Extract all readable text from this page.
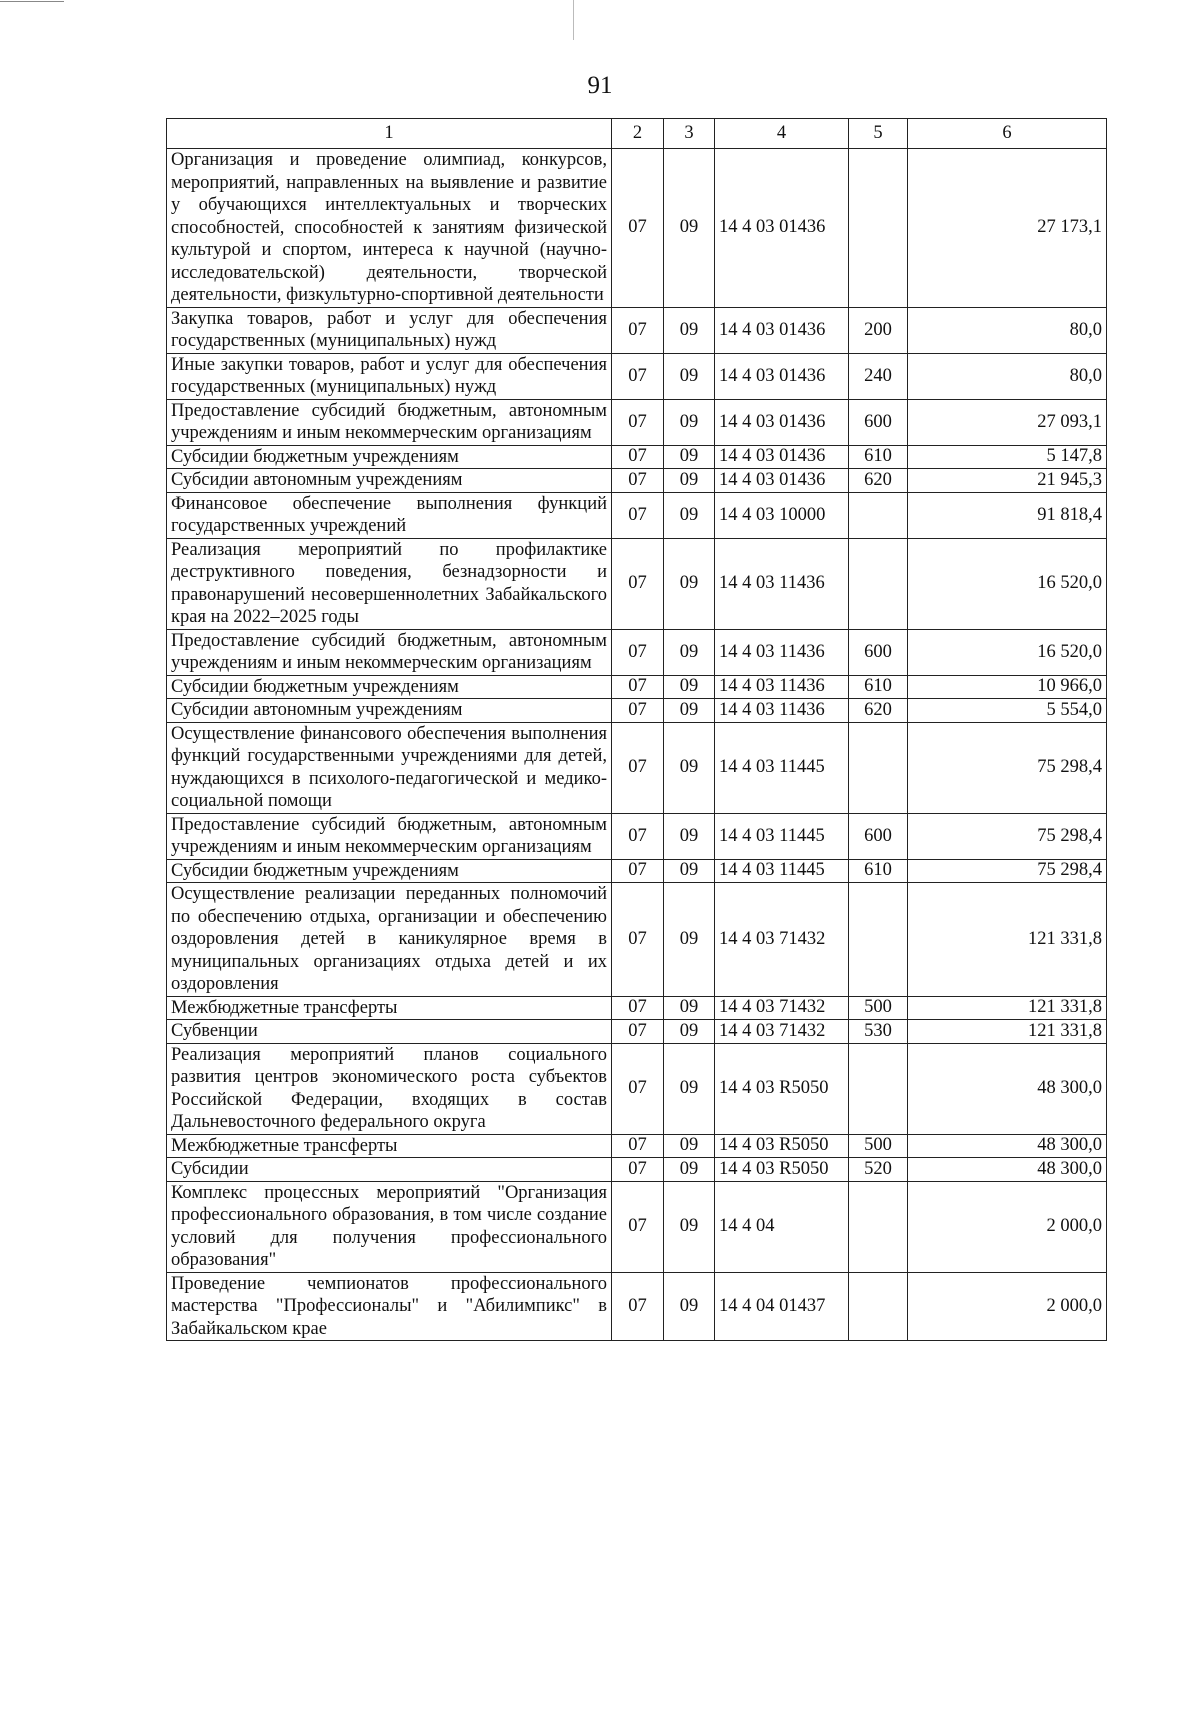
91
1	2	3	4	5	6
Организация и проведение олимпиад, конкурсов, мероприятий, направленных на выявление и развитие у обучающихся интеллектуальных и творческих способностей, способностей к занятиям физической культурой и спортом, интереса к научной (научно-исследовательской) деятельности, творческой деятельности, физкультурно-спортивной деятельности	07	09	14 4 03 01436		27 173,1
Закупка товаров, работ и услуг для обеспечения государственных (муниципальных) нужд	07	09	14 4 03 01436	200	80,0
Иные закупки товаров, работ и услуг для обеспечения государственных (муниципальных) нужд	07	09	14 4 03 01436	240	80,0
Предоставление субсидий бюджетным, автономным учреждениям и иным некоммерческим организациям	07	09	14 4 03 01436	600	27 093,1
Субсидии бюджетным учреждениям	07	09	14 4 03 01436	610	5 147,8
Субсидии автономным учреждениям	07	09	14 4 03 01436	620	21 945,3
Финансовое обеспечение выполнения функций государственных учреждений	07	09	14 4 03 10000		91 818,4
Реализация мероприятий по профилактике деструктивного поведения, безнадзорности и правонарушений несовершеннолетних Забайкальского края на 2022–2025 годы	07	09	14 4 03 11436		16 520,0
Предоставление субсидий бюджетным, автономным учреждениям и иным некоммерческим организациям	07	09	14 4 03 11436	600	16 520,0
Субсидии бюджетным учреждениям	07	09	14 4 03 11436	610	10 966,0
Субсидии автономным учреждениям	07	09	14 4 03 11436	620	5 554,0
Осуществление финансового обеспечения выполнения функций государственными учреждениями для детей, нуждающихся в психолого-педагогической и медико-социальной помощи	07	09	14 4 03 11445		75 298,4
Предоставление субсидий бюджетным, автономным учреждениям и иным некоммерческим организациям	07	09	14 4 03 11445	600	75 298,4
Субсидии бюджетным учреждениям	07	09	14 4 03 11445	610	75 298,4
Осуществление реализации переданных полномочий по обеспечению отдыха, организации и обеспечению оздоровления детей в каникулярное время в муниципальных организациях отдыха детей и их оздоровления	07	09	14 4 03 71432		121 331,8
Межбюджетные трансферты	07	09	14 4 03 71432	500	121 331,8
Субвенции	07	09	14 4 03 71432	530	121 331,8
Реализация мероприятий планов социального развития центров экономического роста субъектов Российской Федерации, входящих в состав Дальневосточного федерального округа	07	09	14 4 03 R5050		48 300,0
Межбюджетные трансферты	07	09	14 4 03 R5050	500	48 300,0
Субсидии	07	09	14 4 03 R5050	520	48 300,0
Комплекс процессных мероприятий "Организация профессионального образования, в том числе создание условий для получения профессионального образования"	07	09	14 4 04		2 000,0
Проведение чемпионатов профессионального мастерства "Профессионалы" и "Абилимпикс" в Забайкальском крае	07	09	14 4 04 01437		2 000,0
